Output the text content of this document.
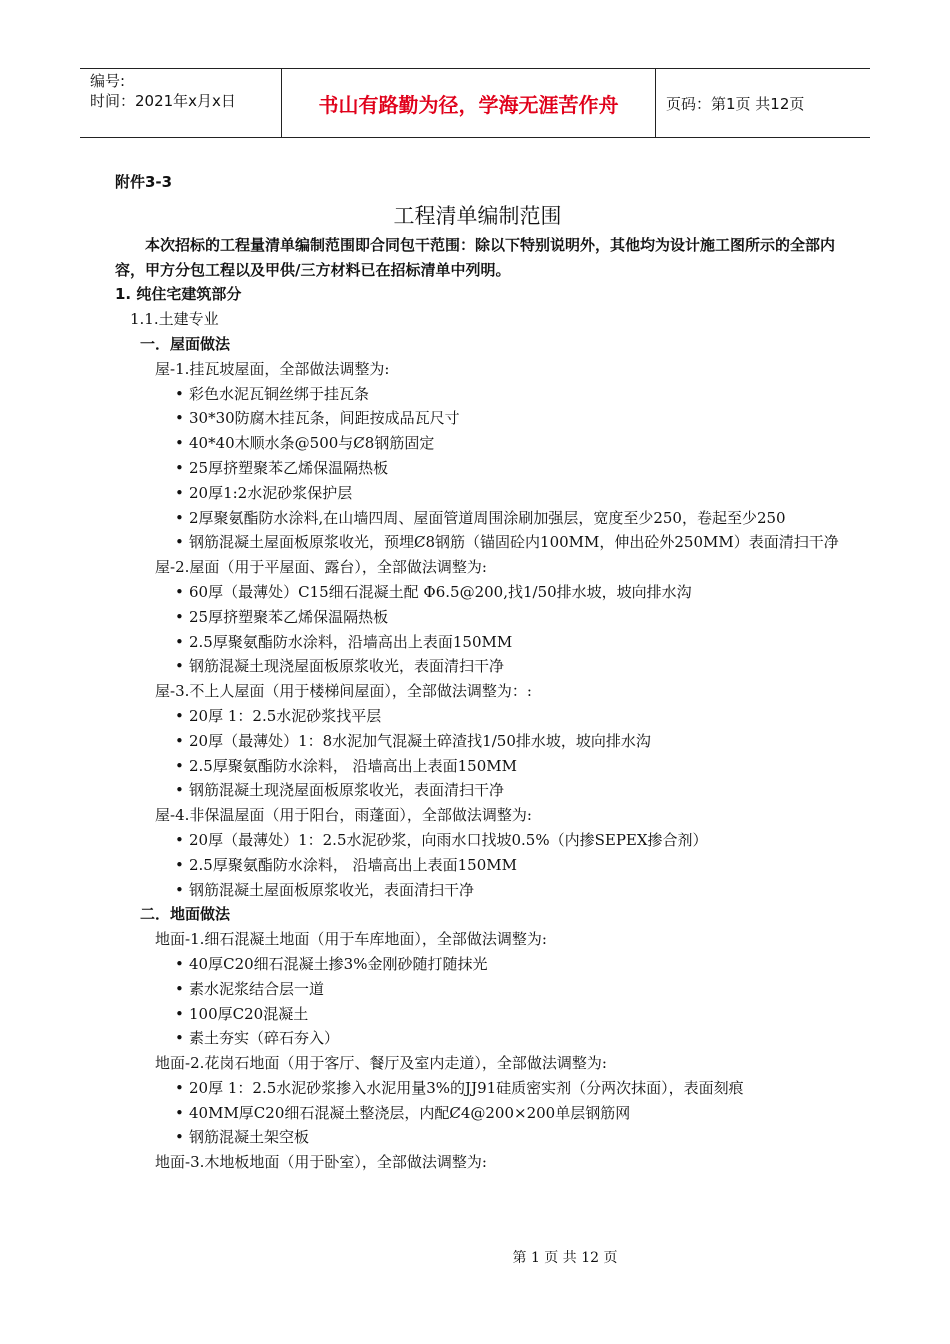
编号:
时间：2021年x月x日	书山有路勤为径，学海无涯苦作舟	页码：第1页 共12页
附件3-3
工程清单编制范围
本次招标的工程量清单编制范围即合同包干范围：除以下特别说明外，其他均为设计施工图所示的全部内容，甲方分包工程以及甲供/三方材料已在招标清单中列明。
1. 纯住宅建筑部分
1.1.土建专业
一．屋面做法
屋-1.挂瓦坡屋面，全部做法调整为:
• 彩色水泥瓦铜丝绑于挂瓦条
• 30*30防腐木挂瓦条，间距按成品瓦尺寸
• 40*40木顺水条@500与Ȼ8钢筋固定
• 25厚挤塑聚苯乙烯保温隔热板
• 20厚1:2水泥砂浆保护层
• 2厚聚氨酯防水涂料,在山墙四周、屋面管道周围涂刷加强层，宽度至少250，卷起至少250
• 钢筋混凝土屋面板原浆收光，预埋Ȼ8钢筋（锚固砼内100MM，伸出砼外250MM）表面清扫干净
屋-2.屋面（用于平屋面、露台），全部做法调整为:
• 60厚（最薄处）C15细石混凝土配 Φ6.5@200,找1/50排水坡，坡向排水沟
• 25厚挤塑聚苯乙烯保温隔热板
• 2.5厚聚氨酯防水涂料，沿墙高出上表面150MM
• 钢筋混凝土现浇屋面板原浆收光，表面清扫干净
屋-3.不上人屋面（用于楼梯间屋面），全部做法调整为：:
• 20厚 1：2.5水泥砂浆找平层
• 20厚（最薄处）1：8水泥加气混凝土碎渣找1/50排水坡，坡向排水沟
• 2.5厚聚氨酯防水涂料， 沿墙高出上表面150MM
• 钢筋混凝土现浇屋面板原浆收光，表面清扫干净
屋-4.非保温屋面（用于阳台，雨蓬面），全部做法调整为:
• 20厚（最薄处）1：2.5水泥砂浆，向雨水口找坡0.5%（内掺SEPEX掺合剂）
• 2.5厚聚氨酯防水涂料， 沿墙高出上表面150MM
• 钢筋混凝土屋面板原浆收光，表面清扫干净
二．地面做法
地面-1.细石混凝土地面（用于车库地面），全部做法调整为:
• 40厚C20细石混凝土掺3%金刚砂随打随抹光
• 素水泥浆结合层一道
• 100厚C20混凝土
• 素土夯实（碎石夯入）
地面-2.花岗石地面（用于客厅、餐厅及室内走道），全部做法调整为:
• 20厚 1：2.5水泥砂浆掺入水泥用量3%的JJ91硅质密实剂（分两次抹面），表面刻痕
• 40MM厚C20细石混凝土整浇层，内配Ȼ4@200×200单层钢筋网
• 钢筋混凝土架空板
地面-3.木地板地面（用于卧室），全部做法调整为:
第 1 页 共 12 页
